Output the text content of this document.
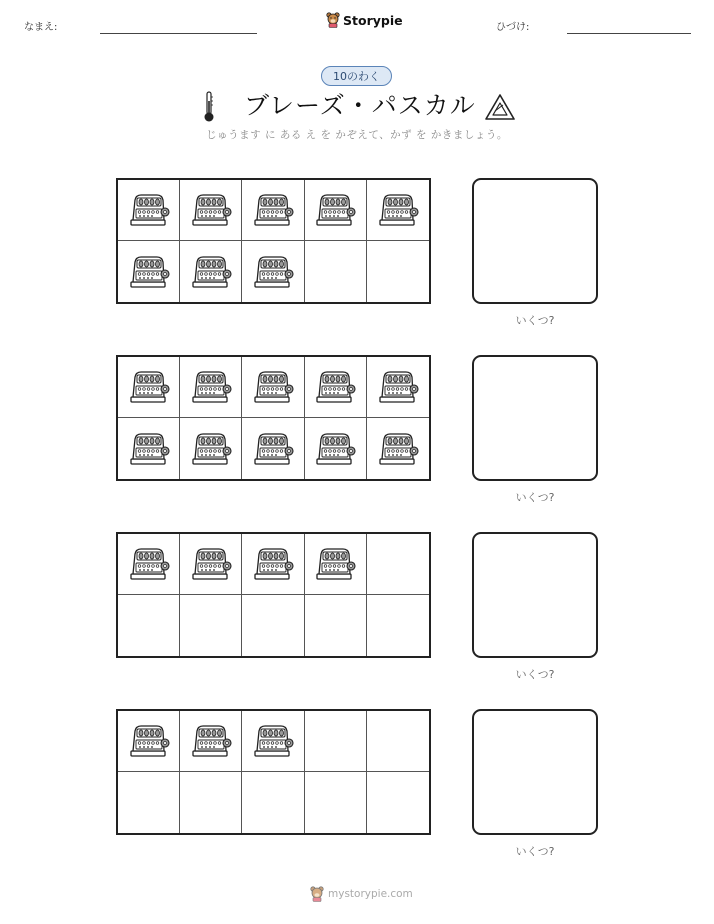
なまえ:	Storypie	ひづけ:
10のわく
ブレーズ・パスカル
じゅうます に ある え を かぞえて、かず を かきましょう。
いくつ?
いくつ?
いくつ?
いくつ?
mystorypie.com
